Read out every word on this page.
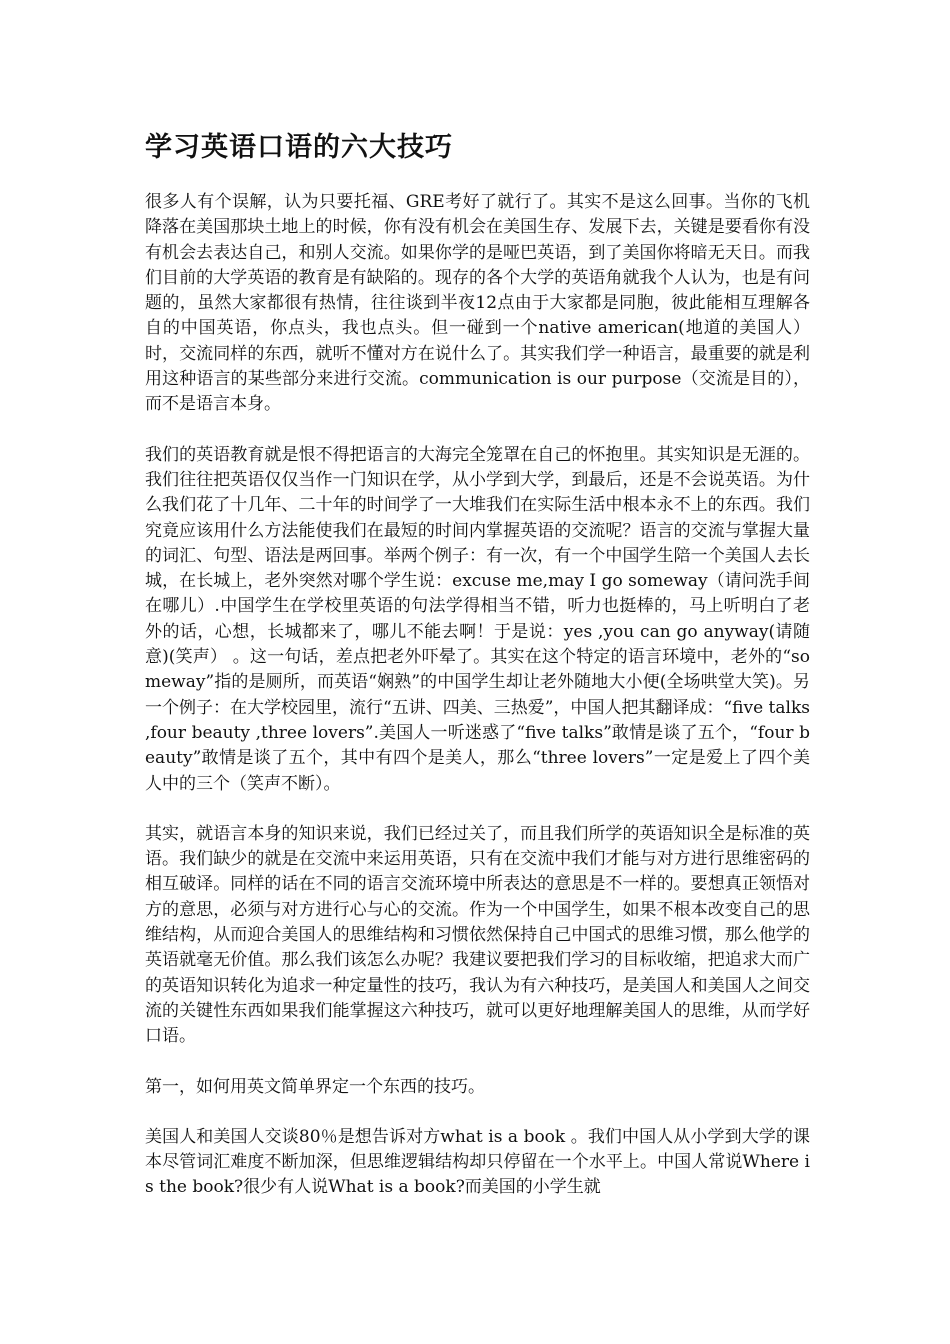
学习英语口语的六大技巧

很多人有个误解，认为只要托福、GRE考好了就行了。其实不是这么回事。当你的飞机降落在美国那块土地上的时候，你有没有机会在美国生存、发展下去，关键是要看你有没有机会去表达自己，和别人交流。如果你学的是哑巴英语，到了美国你将暗无天日。而我们目前的大学英语的教育是有缺陷的。现存的各个大学的英语角就我个人认为，也是有问题的，虽然大家都很有热情，往往谈到半夜12点由于大家都是同胞，彼此能相互理解各自的中国英语，你点头，我也点头。但一碰到一个native american(地道的美国人）时，交流同样的东西，就听不懂对方在说什么了。其实我们学一种语言，最重要的就是利用这种语言的某些部分来进行交流。communication is our purpose（交流是目的），而不是语言本身。

我们的英语教育就是恨不得把语言的大海完全笼罩在自己的怀抱里。其实知识是无涯的。我们往往把英语仅仅当作一门知识在学，从小学到大学，到最后，还是不会说英语。为什么我们花了十几年、二十年的时间学了一大堆我们在实际生活中根本永不上的东西。我们究竟应该用什么方法能使我们在最短的时间内掌握英语的交流呢？语言的交流与掌握大量的词汇、句型、语法是两回事。举两个例子：有一次，有一个中国学生陪一个美国人去长城，在长城上，老外突然对哪个学生说：excuse me,may I go someway（请问洗手间在哪儿）.中国学生在学校里英语的句法学得相当不错，听力也挺棒的，马上听明白了老外的话，心想，长城都来了，哪儿不能去啊！于是说：yes ,you can go anyway(请随意)(笑声） 。这一句话，差点把老外吓晕了。其实在这个特定的语言环境中，老外的“someway”指的是厕所，而英语“娴熟”的中国学生却让老外随地大小便(全场哄堂大笑)。另一个例子：在大学校园里，流行“五讲、四美、三热爱”，中国人把其翻译成：“five talks ,four beauty ,three lovers”.美国人一听迷惑了“five talks”敢情是谈了五个，“four beauty”敢情是谈了五个，其中有四个是美人，那么“three lovers”一定是爱上了四个美人中的三个（笑声不断）。

其实，就语言本身的知识来说，我们已经过关了，而且我们所学的英语知识全是标准的英语。我们缺少的就是在交流中来运用英语，只有在交流中我们才能与对方进行思维密码的相互破译。同样的话在不同的语言交流环境中所表达的意思是不一样的。要想真正领悟对方的意思，必须与对方进行心与心的交流。作为一个中国学生，如果不根本改变自己的思维结构，从而迎合美国人的思维结构和习惯依然保持自己中国式的思维习惯，那么他学的英语就毫无价值。那么我们该怎么办呢？我建议要把我们学习的目标收缩，把追求大而广的英语知识转化为追求一种定量性的技巧，我认为有六种技巧，是美国人和美国人之间交流的关键性东西如果我们能掌握这六种技巧，就可以更好地理解美国人的思维，从而学好口语。

第一，如何用英文简单界定一个东西的技巧。

美国人和美国人交谈80％是想告诉对方what is a book 。我们中国人从小学到大学的课本尽管词汇难度不断加深，但思维逻辑结构却只停留在一个水平上。中国人常说Where is the book?很少有人说What is a book?而美国的小学生就
